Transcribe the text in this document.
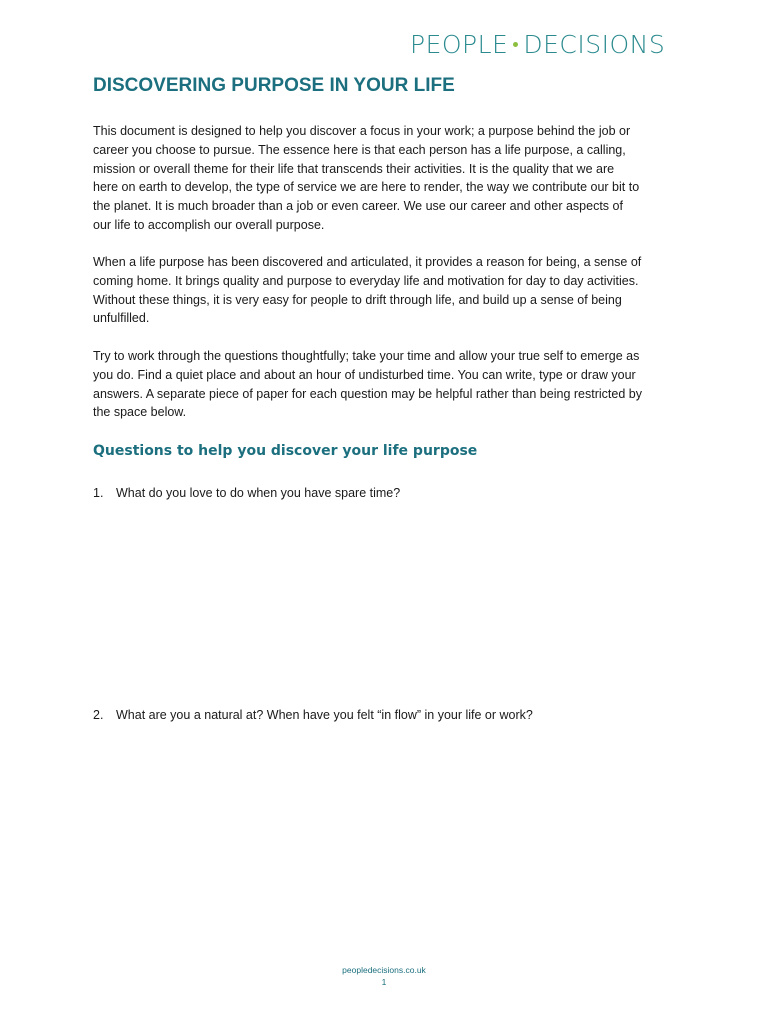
PEOPLE DECISIONS
DISCOVERING PURPOSE IN YOUR LIFE

This document is designed to help you discover a focus in your work; a purpose behind the job or
career you choose to pursue. The essence here is that each person has a life purpose, a calling,
mission or overall theme for their life that transcends their activities. It is the quality that we are
here on earth to develop, the type of service we are here to render, the way we contribute our bit to
the planet. It is much broader than a job or even career. We use our career and other aspects of
our life to accomplish our overall purpose.

When a life purpose has been discovered and articulated, it provides a reason for being, a sense of
coming home. It brings quality and purpose to everyday life and motivation for day to day activities.
Without these things, it is very easy for people to drift through life, and build up a sense of being
unfulfilled.

Try to work through the questions thoughtfully; take your time and allow your true self to emerge as
you do. Find a quiet place and about an hour of undisturbed time. You can write, type or draw your
answers. A separate piece of paper for each question may be helpful rather than being restricted by
the space below.

Questions to help you discover your life purpose
1. What do you love to do when you have spare time?
2. What are you a natural at? When have you felt “in flow” in your life or work?
peopledecisions.co.uk
1
